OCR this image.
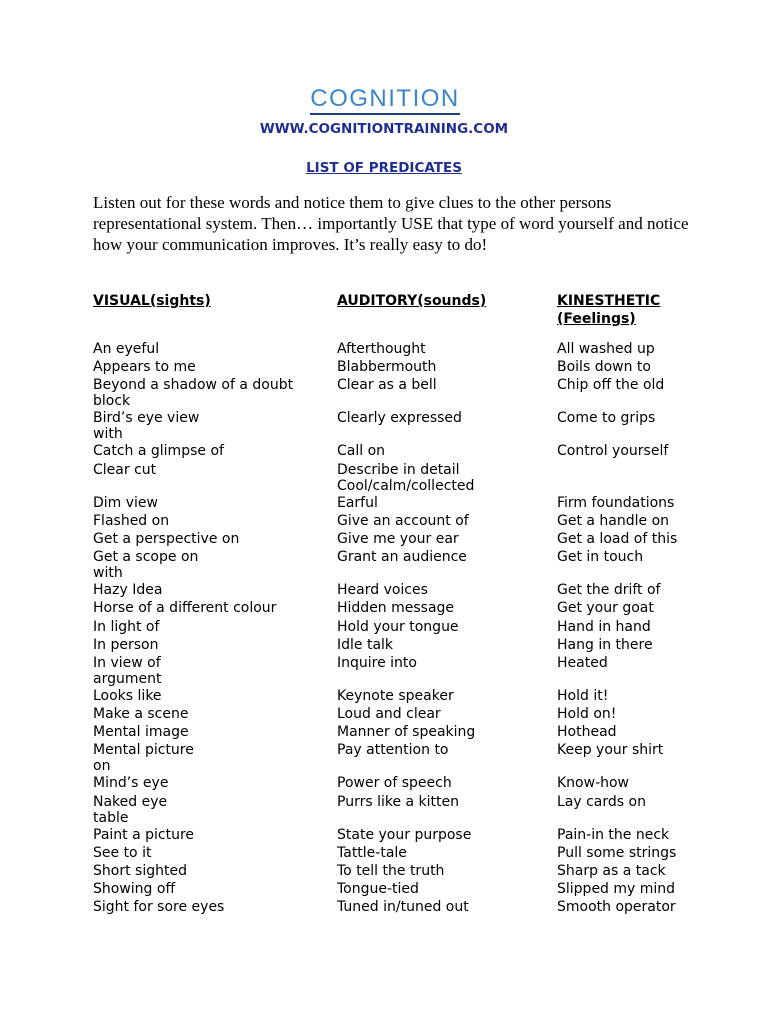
COGNITION
WWW.COGNITIONTRAINING.COM
LIST OF PREDICATES

Listen out for these words and notice them to give clues to the other persons representational system. Then… importantly USE that type of word yourself and notice how your communication improves. It’s really easy to do!

VISUAL(sights)
An eyeful
Appears to me
Beyond a shadow of a doubt
block
Bird’s eye view
with
Catch a glimpse of
Clear cut
Dim view
Flashed on
Get a perspective on
Get a scope on
with
Hazy Idea
Horse of a different colour
In light of
In person
In view of
argument
Looks like
Make a scene
Mental image
Mental picture
on
Mind’s eye
Naked eye
table
Paint a picture
See to it
Short sighted
Showing off
Sight for sore eyes
AUDITORY(sounds)
Afterthought
Blabbermouth
Clear as a bell
Clearly expressed
Call on
Describe in detail
Cool/calm/collected
Earful
Give an account of
Give me your ear
Grant an audience
Heard voices
Hidden message
Hold your tongue
Idle talk
Inquire into
Keynote speaker
Loud and clear
Manner of speaking
Pay attention to
Power of speech
Purrs like a kitten
State your purpose
Tattle-tale
To tell the truth
Tongue-tied
Tuned in/tuned out
KINESTHETIC
(Feelings)
All washed up
Boils down to
Chip off the old
Come to grips
Control yourself
Firm foundations
Get a handle on
Get a load of this
Get in touch
Get the drift of
Get your goat
Hand in hand
Hang in there
Heated
Hold it!
Hold on!
Hothead
Keep your shirt
Know-how
Lay cards on
Pain-in the neck
Pull some strings
Sharp as a tack
Slipped my mind
Smooth operator
